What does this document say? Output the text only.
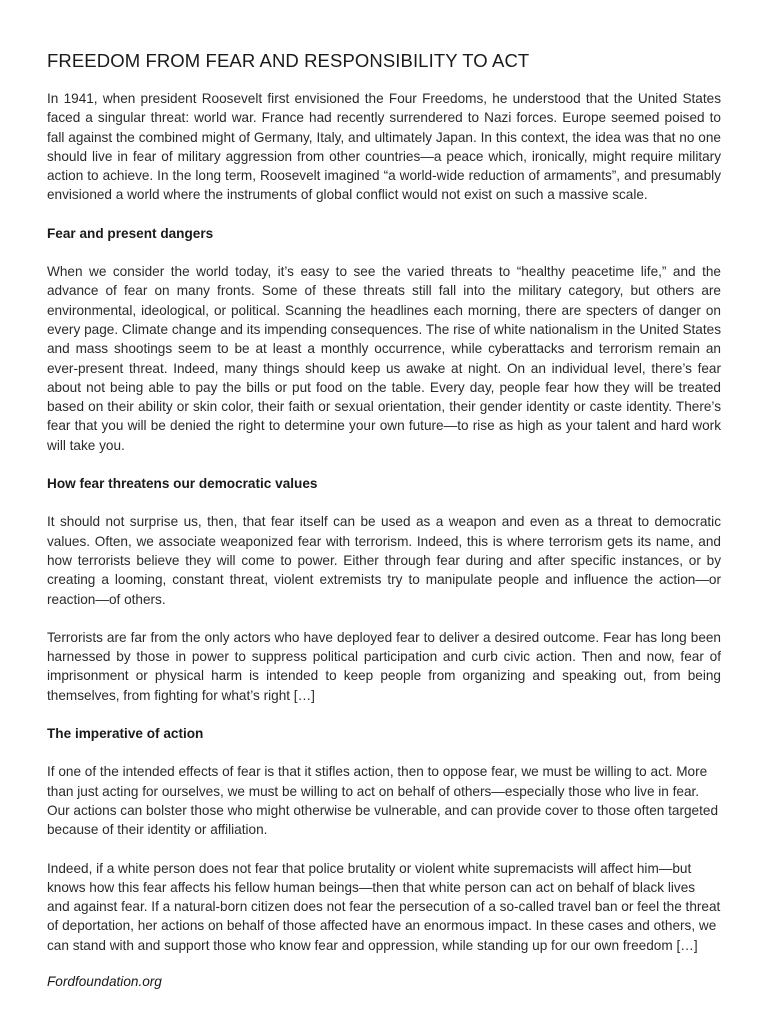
FREEDOM FROM FEAR AND RESPONSIBILITY TO ACT

In 1941, when president Roosevelt first envisioned the Four Freedoms, he understood that the United States faced a singular threat: world war. France had recently surrendered to Nazi forces. Europe seemed poised to fall against the combined might of Germany, Italy, and ultimately Japan. In this context, the idea was that no one should live in fear of military aggression from other countries—a peace which, ironically, might require military action to achieve. In the long term, Roosevelt imagined “a world-wide reduction of armaments”, and presumably envisioned a world where the instruments of global conflict would not exist on such a massive scale.

Fear and present dangers

When we consider the world today, it’s easy to see the varied threats to “healthy peacetime life,” and the advance of fear on many fronts. Some of these threats still fall into the military category, but others are environmental, ideological, or political. Scanning the headlines each morning, there are specters of danger on every page. Climate change and its impending consequences. The rise of white nationalism in the United States and mass shootings seem to be at least a monthly occurrence, while cyberattacks and terrorism remain an ever-present threat. Indeed, many things should keep us awake at night. On an individual level, there’s fear about not being able to pay the bills or put food on the table. Every day, people fear how they will be treated based on their ability or skin color, their faith or sexual orientation, their gender identity or caste identity. There’s fear that you will be denied the right to determine your own future—to rise as high as your talent and hard work will take you.

How fear threatens our democratic values

It should not surprise us, then, that fear itself can be used as a weapon and even as a threat to democratic values. Often, we associate weaponized fear with terrorism. Indeed, this is where terrorism gets its name, and how terrorists believe they will come to power. Either through fear during and after specific instances, or by creating a looming, constant threat, violent extremists try to manipulate people and influence the action—or reaction—of others.

Terrorists are far from the only actors who have deployed fear to deliver a desired outcome. Fear has long been harnessed by those in power to suppress political participation and curb civic action. Then and now, fear of imprisonment or physical harm is intended to keep people from organizing and speaking out, from being themselves, from fighting for what’s right […]

The imperative of action

If one of the intended effects of fear is that it stifles action, then to oppose fear, we must be willing to act. More than just acting for ourselves, we must be willing to act on behalf of others—especially those who live in fear. Our actions can bolster those who might otherwise be vulnerable, and can provide cover to those often targeted because of their identity or affiliation.

Indeed, if a white person does not fear that police brutality or violent white supremacists will affect him—but knows how this fear affects his fellow human beings—then that white person can act on behalf of black lives and against fear. If a natural-born citizen does not fear the persecution of a so-called travel ban or feel the threat of deportation, her actions on behalf of those affected have an enormous impact. In these cases and others, we can stand with and support those who know fear and oppression, while standing up for our own freedom […]

Fordfoundation.org
